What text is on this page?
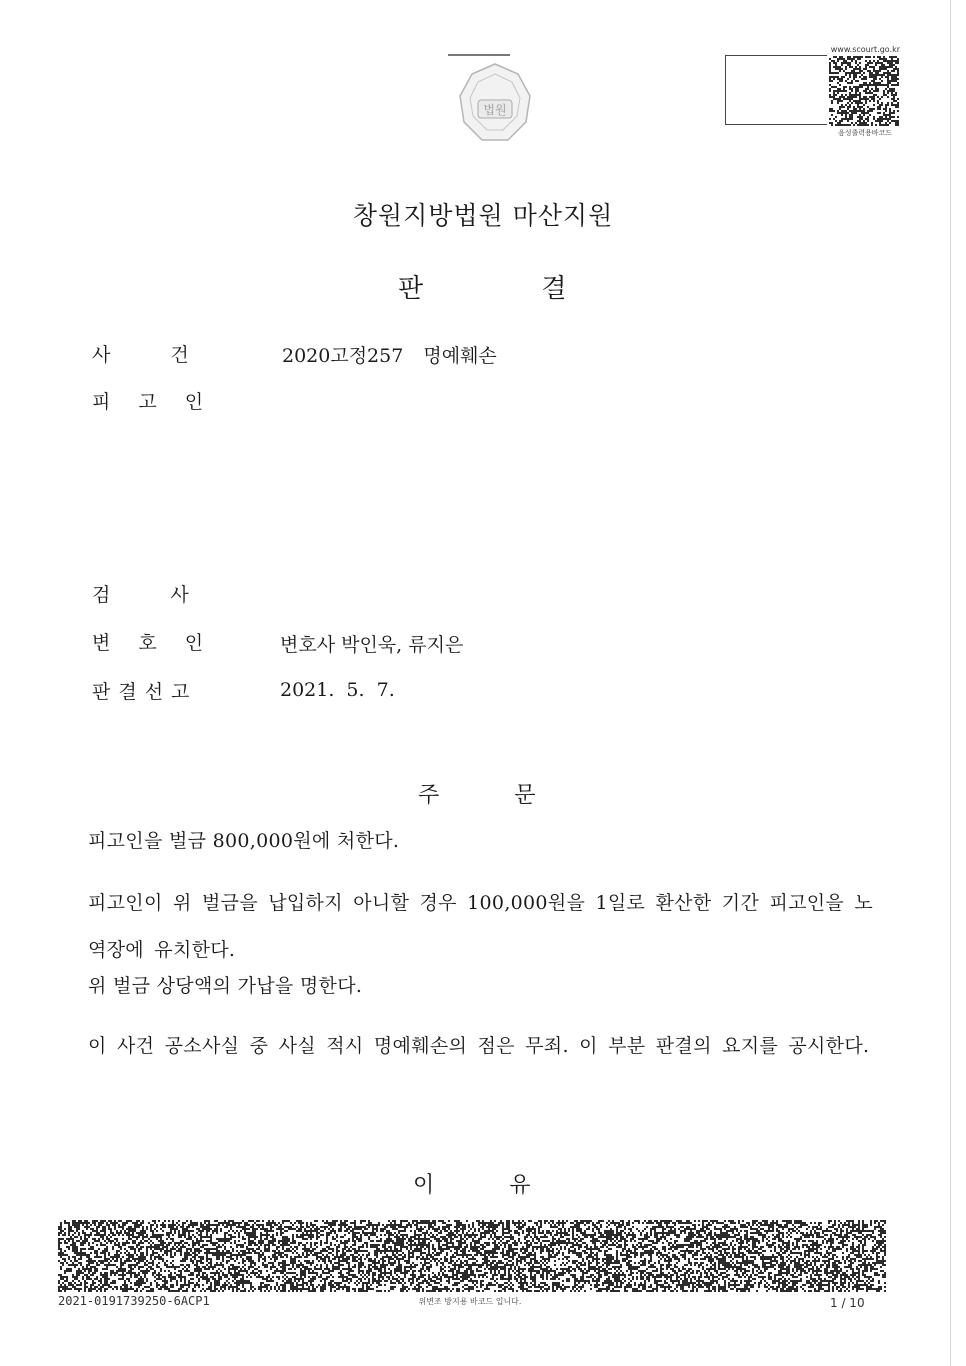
법원
www.scourt.go.kr
음성출력용바코드
창원지방법원 마산지원
판 결
사 건	2020고정257 명예훼손
피 고 인
검 사
변 호 인	변호사 박인욱, 류지은
판결선고	2021. 5. 7.
주 문
피고인을 벌금 800,000원에 처한다.
피고인이 위 벌금을 납입하지 아니할 경우 100,000원을 1일로 환산한 기간 피고인을 노역장에 유치한다.
위 벌금 상당액의 가납을 명한다.
이 사건 공소사실 중 사실 적시 명예훼손의 점은 무죄. 이 부분 판결의 요지를 공시한다.
이 유
2021-0191739250-6ACP1	위변조 방지용 바코드 입니다.	1 / 10
